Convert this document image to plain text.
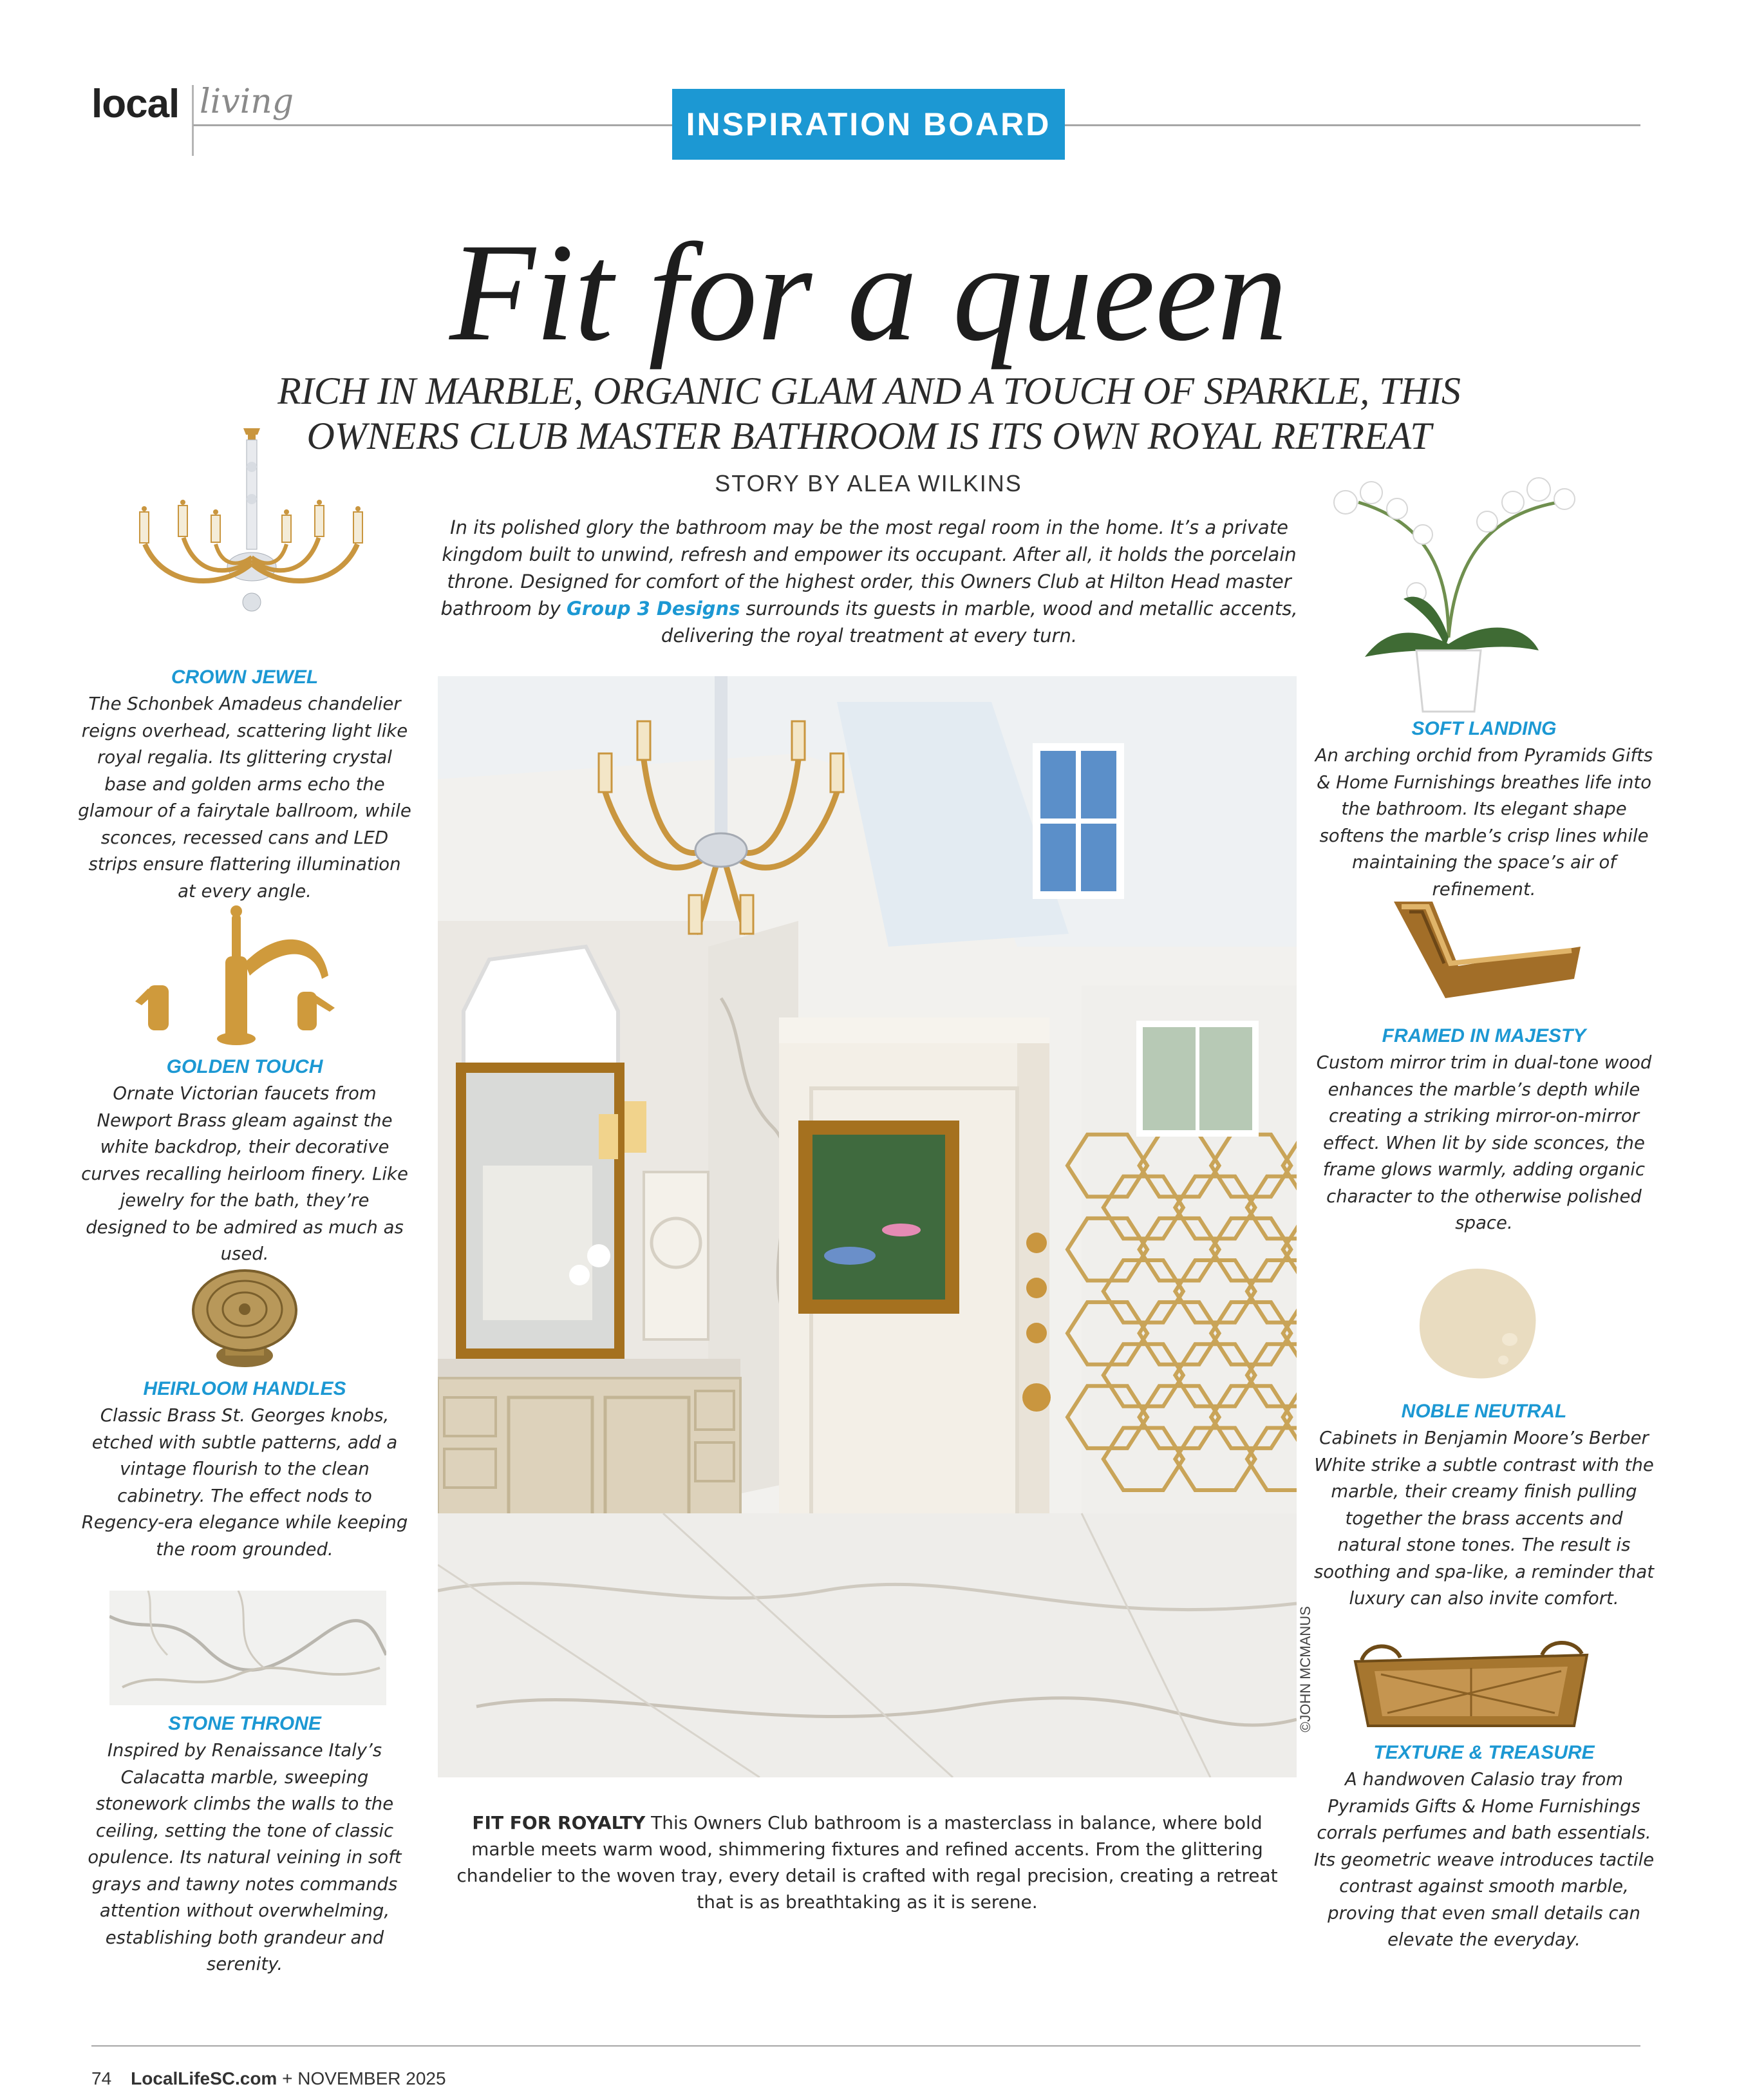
local living
INSPIRATION BOARD
Fit for a queen
RICH IN MARBLE, ORGANIC GLAM AND A TOUCH OF SPARKLE, THIS
OWNERS CLUB MASTER BATHROOM IS ITS OWN ROYAL RETREAT
STORY BY ALEA WILKINS
In its polished glory the bathroom may be the most regal room in the home. It’s a private kingdom built to unwind, refresh and empower its occupant. After all, it holds the porcelain throne. Designed for comfort of the highest order, this Owners Club at Hilton Head master bathroom by Group 3 Designs surrounds its guests in marble, wood and metallic accents, delivering the royal treatment at every turn.
CROWN JEWEL
The Schonbek Amadeus chandelier reigns overhead, scattering light like royal regalia. Its glittering crystal base and golden arms echo the glamour of a fairytale ballroom, while sconces, recessed cans and LED strips ensure flattering illumination at every angle.
GOLDEN TOUCH
Ornate Victorian faucets from Newport Brass gleam against the white backdrop, their decorative curves recalling heirloom finery. Like jewelry for the bath, they’re designed to be admired as much as used.
HEIRLOOM HANDLES
Classic Brass St. Georges knobs, etched with subtle patterns, add a vintage flourish to the clean cabinetry. The effect nods to Regency-era elegance while keeping the room grounded.
STONE THRONE
Inspired by Renaissance Italy’s Calacatta marble, sweeping stonework climbs the walls to the ceiling, setting the tone of classic opulence. Its natural veining in soft grays and tawny notes commands attention without overwhelming, establishing both grandeur and serenity.
©JOHN MCMANUS
FIT FOR ROYALTY This Owners Club bathroom is a masterclass in balance, where bold marble meets warm wood, shimmering fixtures and refined accents. From the glittering chandelier to the woven tray, every detail is crafted with regal precision, creating a retreat that is as breathtaking as it is serene.
SOFT LANDING
An arching orchid from Pyramids Gifts & Home Furnishings breathes life into the bathroom. Its elegant shape softens the marble’s crisp lines while maintaining the space’s air of refinement.
FRAMED IN MAJESTY
Custom mirror trim in dual-tone wood enhances the marble’s depth while creating a striking mirror-on-mirror effect. When lit by side sconces, the frame glows warmly, adding organic character to the otherwise polished space.
NOBLE NEUTRAL
Cabinets in Benjamin Moore’s Berber White strike a subtle contrast with the marble, their creamy finish pulling together the brass accents and natural stone tones. The result is soothing and spa-like, a reminder that luxury can also invite comfort.
TEXTURE & TREASURE
A handwoven Calasio tray from Pyramids Gifts & Home Furnishings corrals perfumes and bath essentials. Its geometric weave introduces tactile contrast against smooth marble, proving that even small details can elevate the everyday.
74 LocalLifeSC.com + NOVEMBER 2025
